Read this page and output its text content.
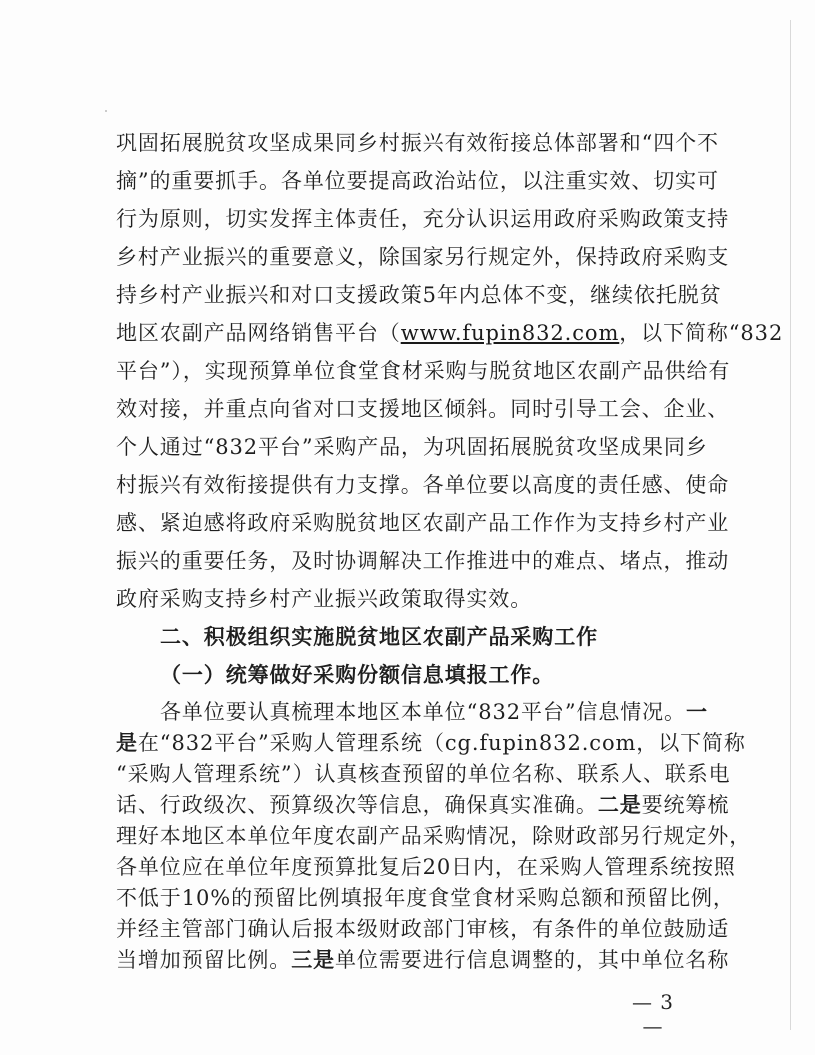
巩固拓展脱贫攻坚成果同乡村振兴有效衔接总体部署和“四个不
摘”的重要抓手。各单位要提高政治站位，以注重实效、切实可
行为原则，切实发挥主体责任，充分认识运用政府采购政策支持
乡村产业振兴的重要意义，除国家另行规定外，保持政府采购支
持乡村产业振兴和对口支援政策5年内总体不变，继续依托脱贫
地区农副产品网络销售平台（www.fupin832.com，以下简称“832
平台”），实现预算单位食堂食材采购与脱贫地区农副产品供给有
效对接，并重点向省对口支援地区倾斜。同时引导工会、企业、
个人通过“832平台”采购产品，为巩固拓展脱贫攻坚成果同乡
村振兴有效衔接提供有力支撑。各单位要以高度的责任感、使命
感、紧迫感将政府采购脱贫地区农副产品工作作为支持乡村产业
振兴的重要任务，及时协调解决工作推进中的难点、堵点，推动
政府采购支持乡村产业振兴政策取得实效。
二、积极组织实施脱贫地区农副产品采购工作
（一）统筹做好采购份额信息填报工作。
各单位要认真梳理本地区本单位“832平台”信息情况。一
是在“832平台”采购人管理系统（cg.fupin832.com，以下简称
“采购人管理系统”）认真核查预留的单位名称、联系人、联系电
话、行政级次、预算级次等信息，确保真实准确。二是要统筹梳
理好本地区本单位年度农副产品采购情况，除财政部另行规定外，
各单位应在单位年度预算批复后20日内，在采购人管理系统按照
不低于10%的预留比例填报年度食堂食材采购总额和预留比例，
— 3 —
并经主管部门确认后报本级财政部门审核，有条件的单位鼓励适
当增加预留比例。三是单位需要进行信息调整的，其中单位名称
